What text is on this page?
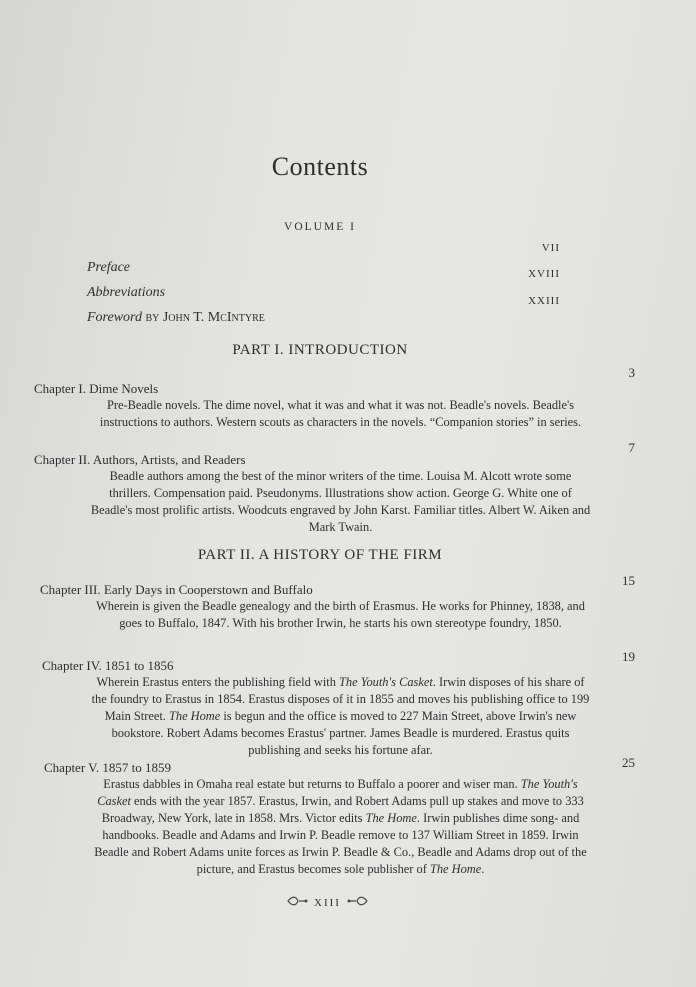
Contents
VOLUME I
VII
Preface	XVIII
Abbreviations
XXIII
Foreword by John T. McIntyre
PART I. INTRODUCTION
3
Chapter I. Dime Novels
Pre-Beadle novels. The dime novel, what it was and what it was not. Beadle's novels. Beadle's instructions to authors. Western scouts as characters in the novels. “Companion stories” in series.
7
Chapter II. Authors, Artists, and Readers
Beadle authors among the best of the minor writers of the time. Louisa M. Alcott wrote some thrillers. Compensation paid. Pseudonyms. Illustrations show action. George G. White one of Beadle's most prolific artists. Woodcuts engraved by John Karst. Familiar titles. Albert W. Aiken and Mark Twain.
PART II. A HISTORY OF THE FIRM
15
Chapter III. Early Days in Cooperstown and Buffalo
Wherein is given the Beadle genealogy and the birth of Erasmus. He works for Phinney, 1838, and goes to Buffalo, 1847. With his brother Irwin, he starts his own stereotype foundry, 1850.
19
Chapter IV. 1851 to 1856
Wherein Erastus enters the publishing field with The Youth's Casket. Irwin disposes of his share of the foundry to Erastus in 1854. Erastus disposes of it in 1855 and moves his publishing office to 199 Main Street. The Home is begun and the office is moved to 227 Main Street, above Irwin's new bookstore. Robert Adams becomes Erastus' partner. James Beadle is murdered. Erastus quits publishing and seeks his fortune afar.
25
Chapter V. 1857 to 1859
Erastus dabbles in Omaha real estate but returns to Buffalo a poorer and wiser man. The Youth's Casket ends with the year 1857. Erastus, Irwin, and Robert Adams pull up stakes and move to 333 Broadway, New York, late in 1858. Mrs. Victor edits The Home. Irwin publishes dime song- and handbooks. Beadle and Adams and Irwin P. Beadle remove to 137 William Street in 1859. Irwin Beadle and Robert Adams unite forces as Irwin P. Beadle & Co., Beadle and Adams drop out of the picture, and Erastus becomes sole publisher of The Home.
XIII
